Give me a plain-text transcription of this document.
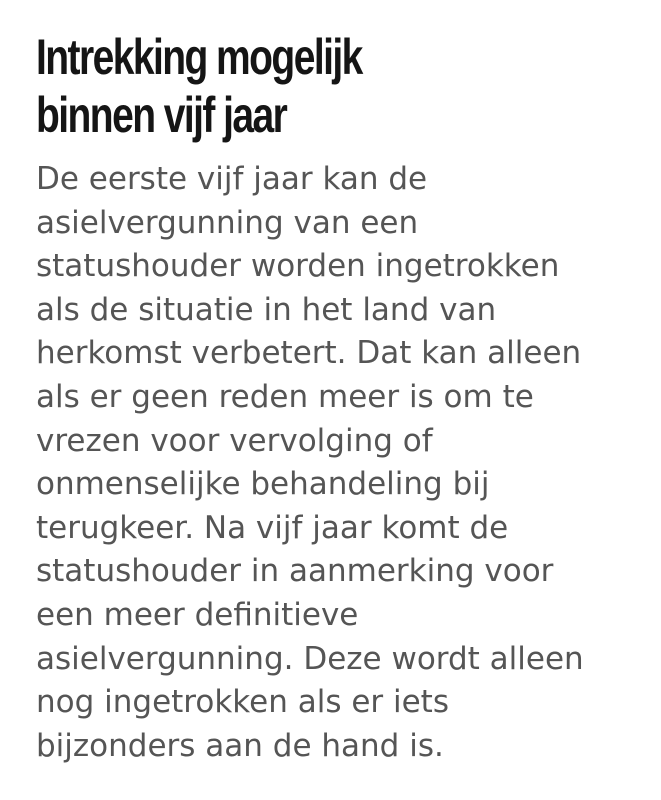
Intrekking mogelijk
binnen vijf jaar

De eerste vijf jaar kan de
asielvergunning van een
statushouder worden ingetrokken
als de situatie in het land van
herkomst verbetert. Dat kan alleen
als er geen reden meer is om te
vrezen voor vervolging of
onmenselijke behandeling bij
terugkeer. Na vijf jaar komt de
statushouder in aanmerking voor
een meer definitieve
asielvergunning. Deze wordt alleen
nog ingetrokken als er iets
bijzonders aan de hand is.
